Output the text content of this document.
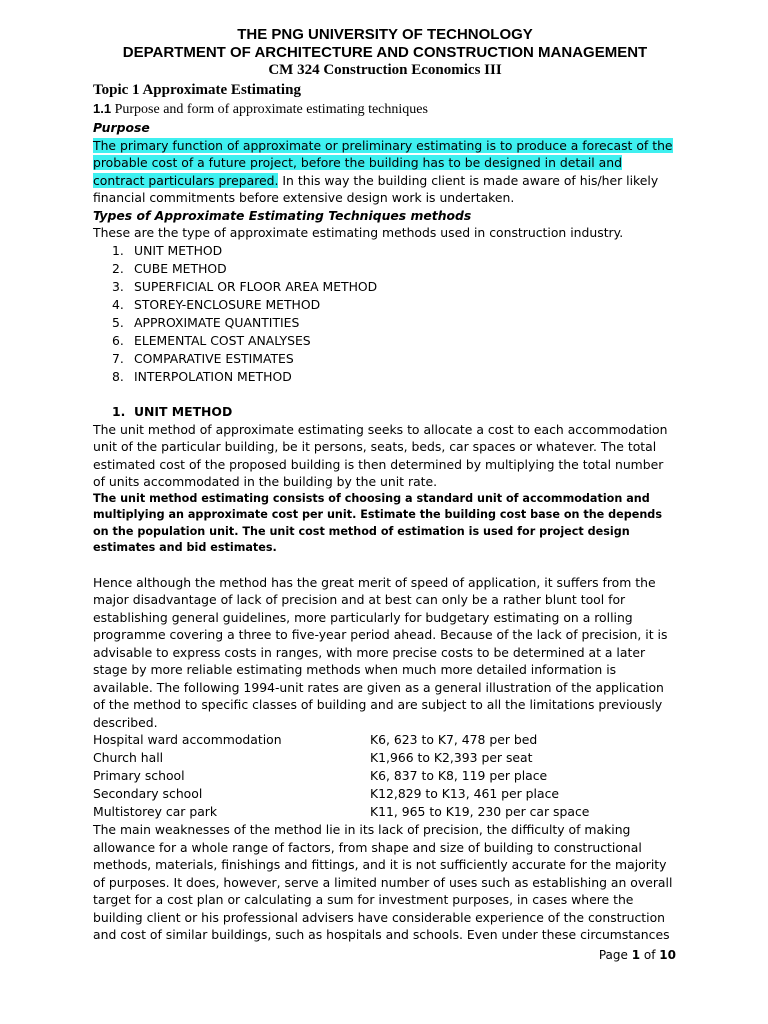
THE PNG UNIVERSITY OF TECHNOLOGY

DEPARTMENT OF ARCHITECTURE AND CONSTRUCTION MANAGEMENT

CM 324 Construction Economics III

Topic 1 Approximate Estimating

1.1 Purpose and form of approximate estimating techniques

Purpose

The primary function of approximate or preliminary estimating is to produce a forecast of the probable cost of a future project, before the building has to be designed in detail and contract particulars prepared. In this way the building client is made aware of his/her likely financial commitments before extensive design work is undertaken.

Types of Approximate Estimating Techniques methods

These are the type of approximate estimating methods used in construction industry.

1. UNIT METHOD
2. CUBE METHOD
3. SUPERFICIAL OR FLOOR AREA METHOD
4. STOREY-ENCLOSURE METHOD
5. APPROXIMATE QUANTITIES
6. ELEMENTAL COST ANALYSES
7. COMPARATIVE ESTIMATES
8. INTERPOLATION METHOD

1. UNIT METHOD

The unit method of approximate estimating seeks to allocate a cost to each accommodation unit of the particular building, be it persons, seats, beds, car spaces or whatever. The total estimated cost of the proposed building is then determined by multiplying the total number of units accommodated in the building by the unit rate.

The unit method estimating consists of choosing a standard unit of accommodation and multiplying an approximate cost per unit. Estimate the building cost base on the depends on the population unit. The unit cost method of estimation is used for project design estimates and bid estimates.

Hence although the method has the great merit of speed of application, it suffers from the major disadvantage of lack of precision and at best can only be a rather blunt tool for establishing general guidelines, more particularly for budgetary estimating on a rolling programme covering a three to five-year period ahead. Because of the lack of precision, it is advisable to express costs in ranges, with more precise costs to be determined at a later stage by more reliable estimating methods when much more detailed information is available. The following 1994-unit rates are given as a general illustration of the application of the method to specific classes of building and are subject to all the limitations previously described.

Hospital ward accommodation	K6, 623 to K7, 478 per bed
Church hall	K1,966 to K2,393 per seat
Primary school	K6, 837 to K8, 119 per place
Secondary school	K12,829 to K13, 461 per place
Multistorey car park	K11, 965 to K19, 230 per car space

The main weaknesses of the method lie in its lack of precision, the difficulty of making allowance for a whole range of factors, from shape and size of building to constructional methods, materials, finishings and fittings, and it is not sufficiently accurate for the majority of purposes. It does, however, serve a limited number of uses such as establishing an overall target for a cost plan or calculating a sum for investment purposes, in cases where the building client or his professional advisers have considerable experience of the construction and cost of similar buildings, such as hospitals and schools. Even under these circumstances

Page 1 of 10
